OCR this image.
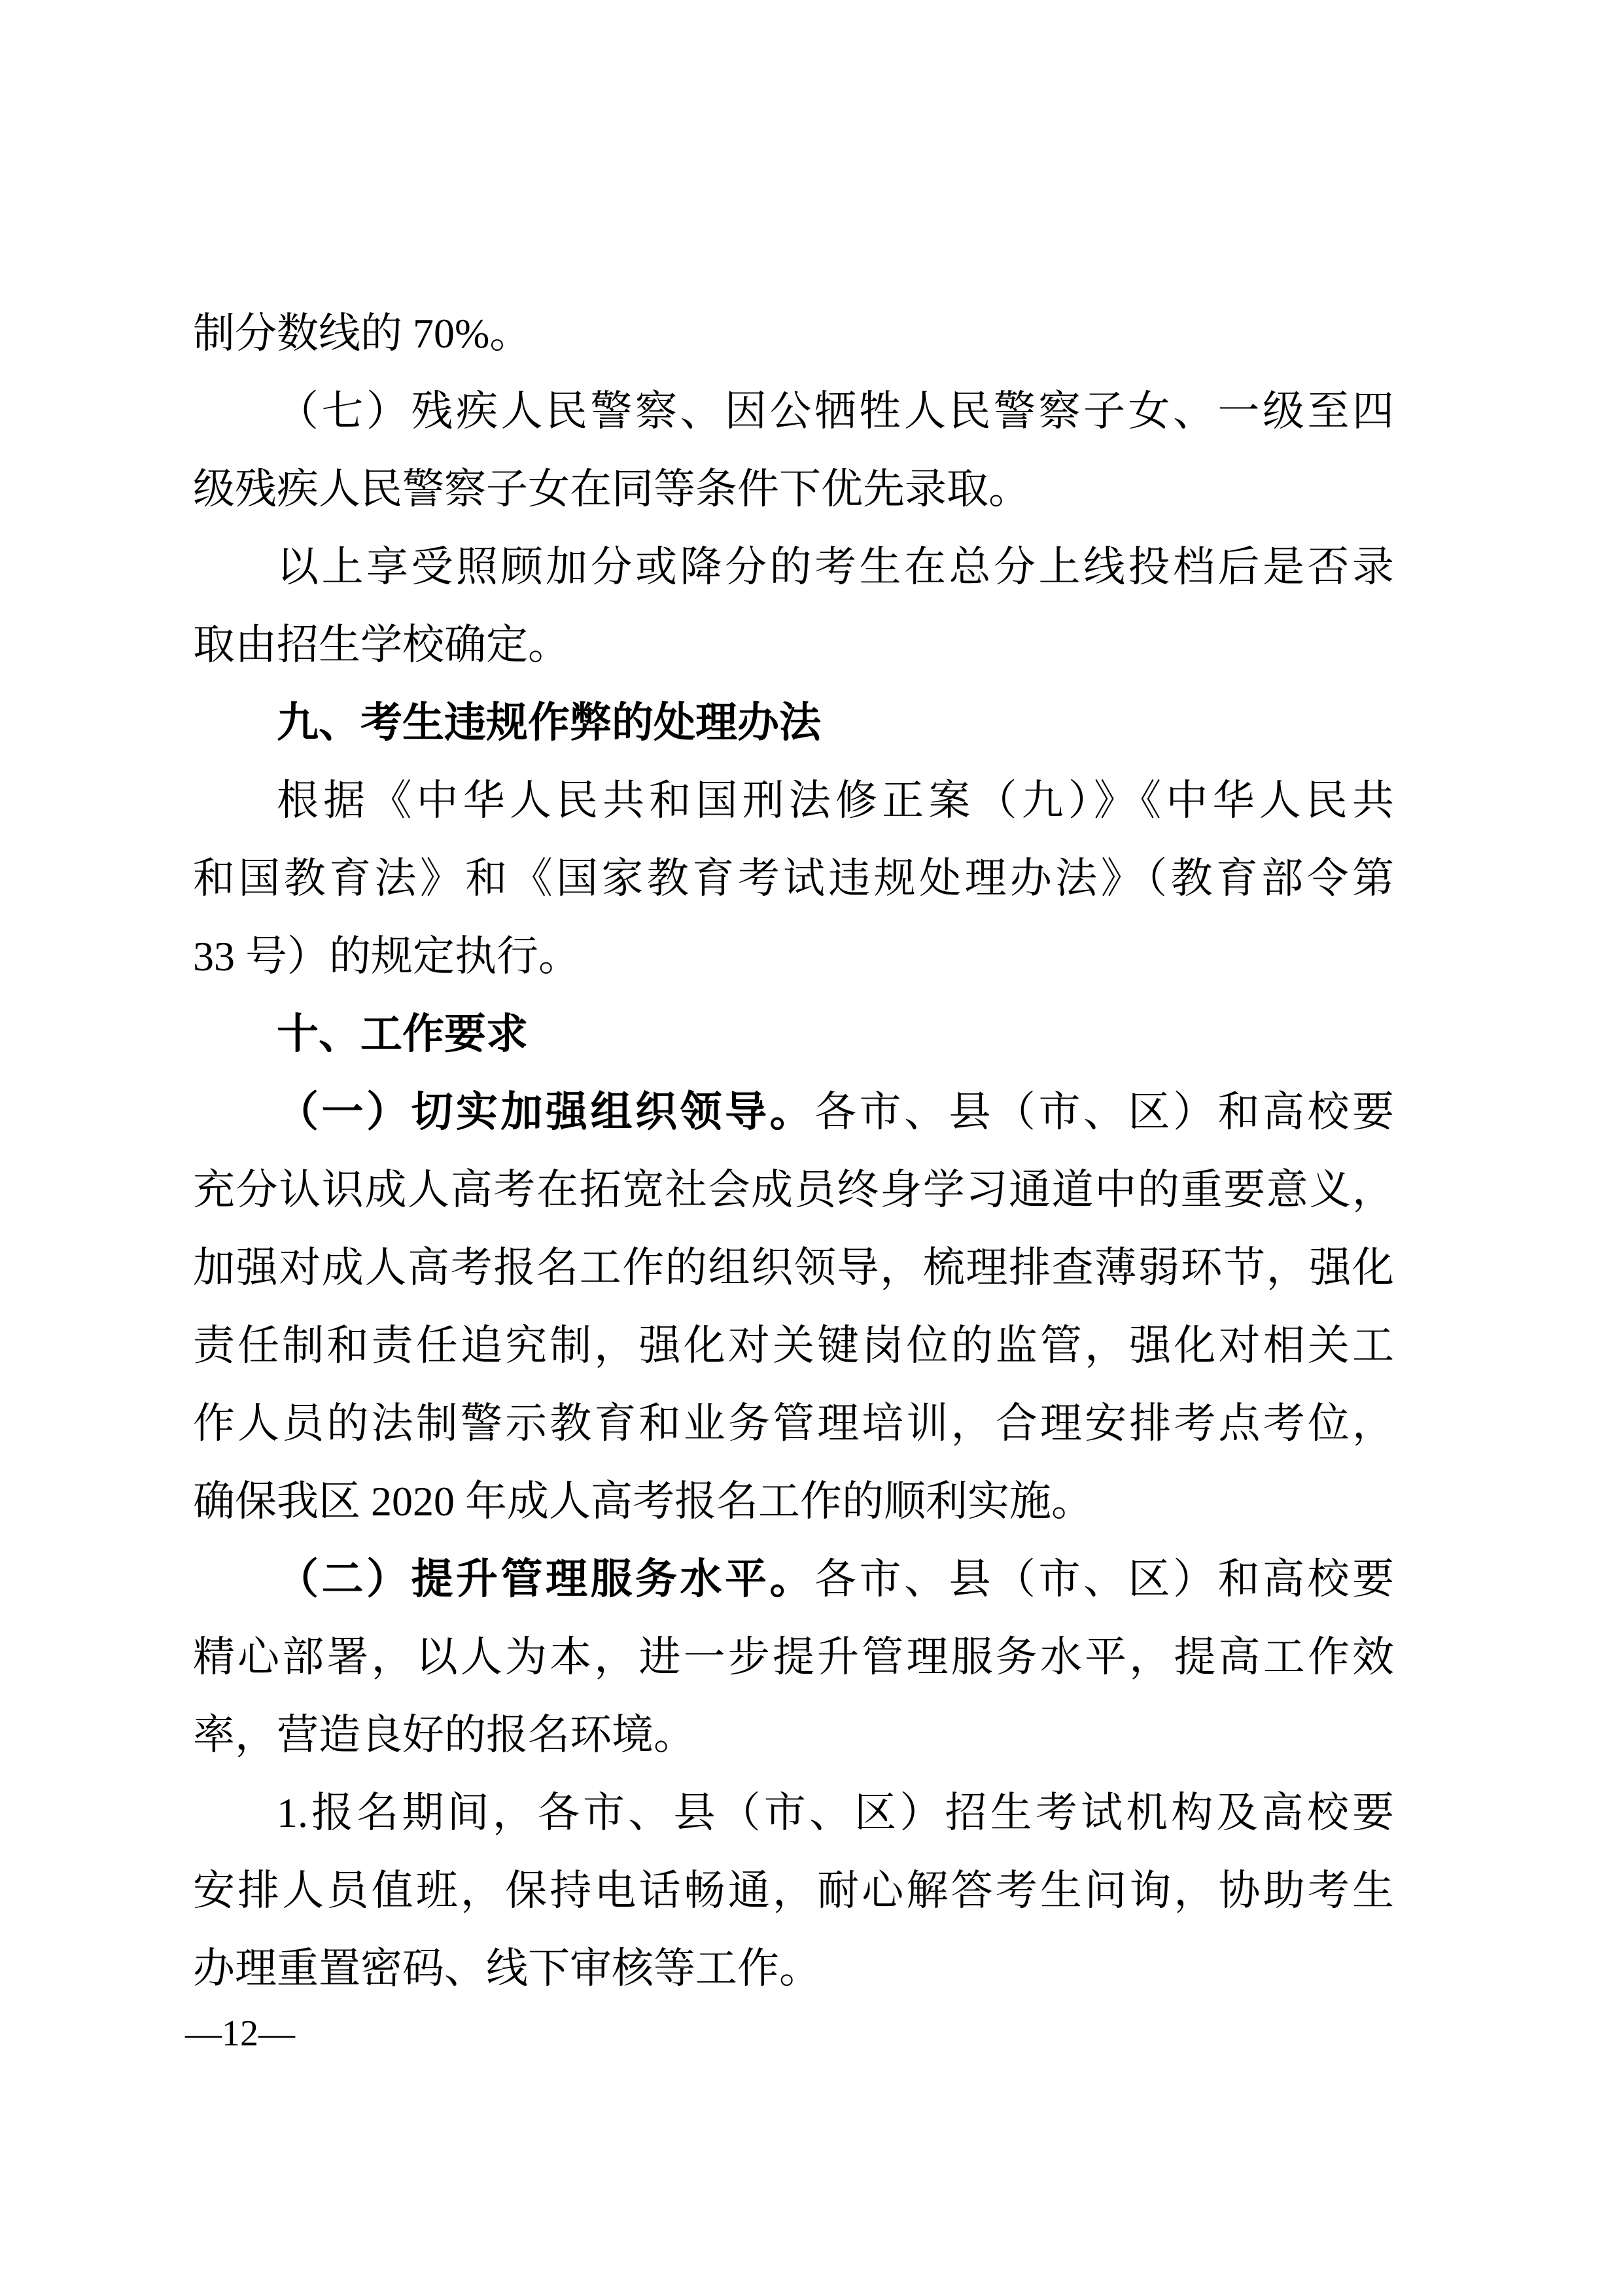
制分数线的 70%。
（七）残疾人民警察、因公牺牲人民警察子女、一级至四
级残疾人民警察子女在同等条件下优先录取。
以上享受照顾加分或降分的考生在总分上线投档后是否录
取由招生学校确定。
九、考生违规作弊的处理办法
根据《中华人民共和国刑法修正案（九）》《中华人民共
和国教育法》和《国家教育考试违规处理办法》（教育部令第
33 号）的规定执行。
十、工作要求
（一）切实加强组织领导。各市、县（市、区）和高校要
充分认识成人高考在拓宽社会成员终身学习通道中的重要意义，
加强对成人高考报名工作的组织领导，梳理排查薄弱环节，强化
责任制和责任追究制，强化对关键岗位的监管，强化对相关工
作人员的法制警示教育和业务管理培训，合理安排考点考位，
确保我区 2020 年成人高考报名工作的顺利实施。
（二）提升管理服务水平。各市、县（市、区）和高校要
精心部署，以人为本，进一步提升管理服务水平，提高工作效
率，营造良好的报名环境。
1.报名期间，各市、县（市、区）招生考试机构及高校要
安排人员值班，保持电话畅通，耐心解答考生问询，协助考生
办理重置密码、线下审核等工作。
—12—
